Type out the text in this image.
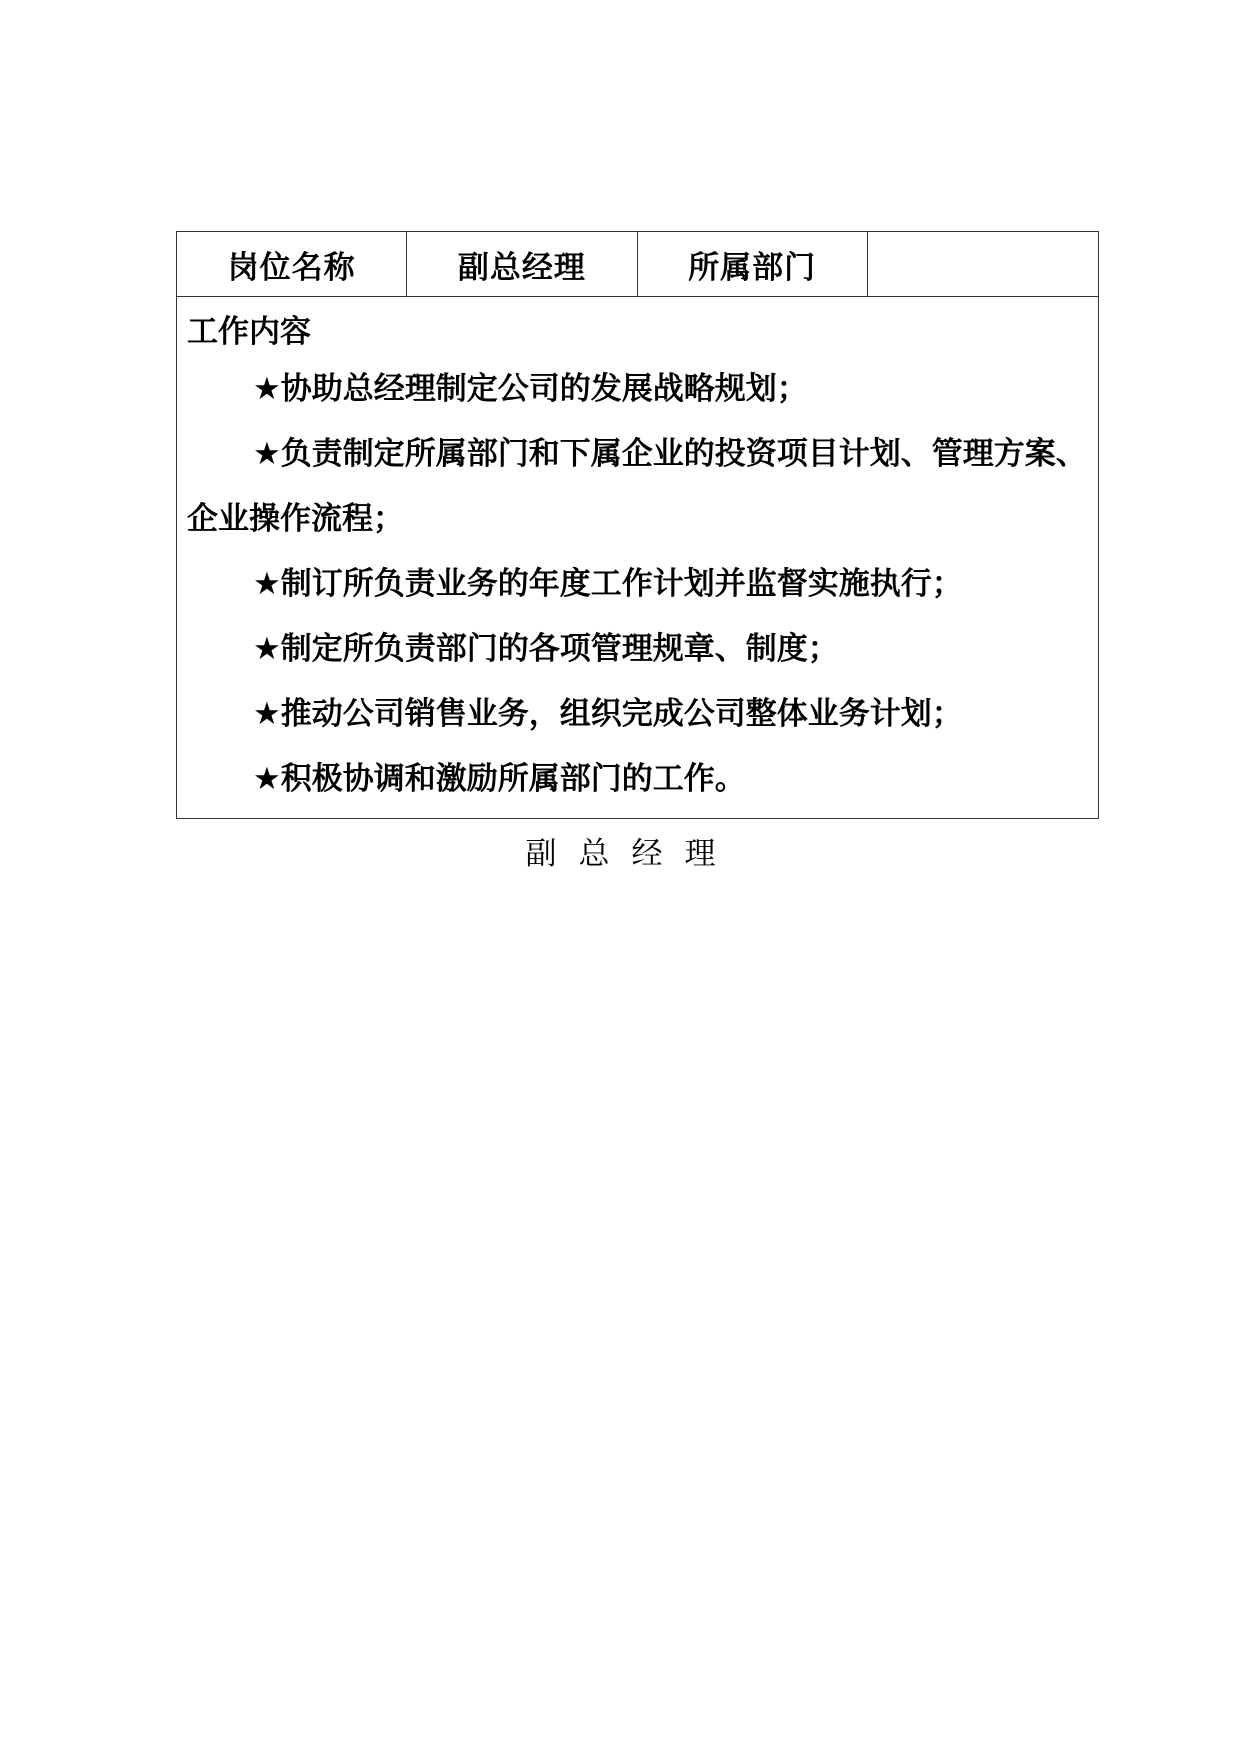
岗位名称	副总经理	所属部门
工作内容
★协助总经理制定公司的发展战略规划；
★负责制定所属部门和下属企业的投资项目计划、管理方案、企业操作流程；
★制订所负责业务的年度工作计划并监督实施执行；
★制定所负责部门的各项管理规章、制度；
★推动公司销售业务，组织完成公司整体业务计划；
★积极协调和激励所属部门的工作。
副总经理
